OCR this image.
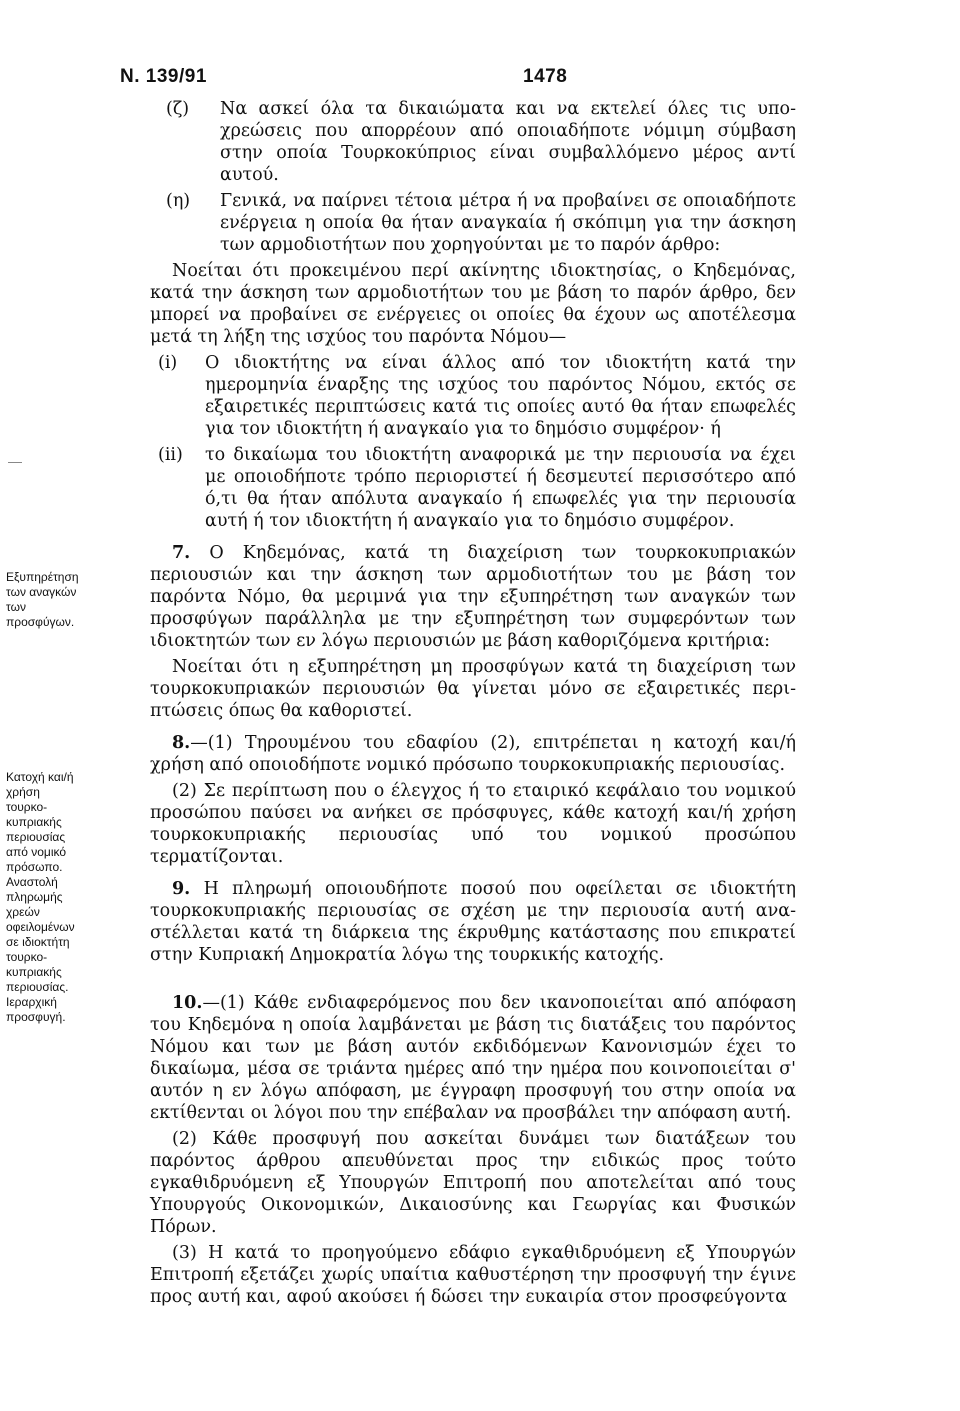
N. 139/91	1478
Εξυπηρέτηση
των αναγκών
των
προσφύγων.
Κατοχή και/ή
χρήση
τουρκο-
κυπριακής
περιουσίας
από νομικό
πρόσωπο.
Αναστολή
πληρωμής
χρεών
οφειλομένων
σε ιδιοκτήτη
τουρκο-
κυπριακής
περιουσίας.
Ιεραρχική
προσφυγή.
(ζ) Να ασκεί όλα τα δικαιώματα και να εκτελεί όλες τις υπο-χρεώσεις που απορρέουν από οποιαδήποτε νόμιμη σύμβαση στην οποία Τουρκοκύπριος είναι συμβαλλόμενο μέρος αντί αυτού.

(η) Γενικά, να παίρνει τέτοια μέτρα ή να προβαίνει σε οποιαδήποτε ενέργεια η οποία θα ήταν αναγκαία ή σκόπιμη για την άσκηση των αρμοδιοτήτων που χορηγούνται με το παρόν άρθρο:

Νοείται ότι προκειμένου περί ακίνητης ιδιοκτησίας, ο Κηδεμόνας, κατά την άσκηση των αρμοδιοτήτων του με βάση το παρόν άρθρο, δεν μπορεί να προβαίνει σε ενέργειες οι οποίες θα έχουν ως αποτέλεσμα μετά τη λήξη της ισχύος του παρόντα Νόμου—

(i) Ο ιδιοκτήτης να είναι άλλος από τον ιδιοκτήτη κατά την ημερομηνία έναρξης της ισχύος του παρόντος Νόμου, εκτός σε εξαιρετικές περιπτώσεις κατά τις οποίες αυτό θα ήταν επωφελές για τον ιδιοκτήτη ή αναγκαίο για το δημόσιο συμφέρον· ή

(ii) το δικαίωμα του ιδιοκτήτη αναφορικά με την περιουσία να έχει με οποιοδήποτε τρόπο περιοριστεί ή δεσμευτεί περισσότερο από ό,τι θα ήταν απόλυτα αναγκαίο ή επωφελές για την περιουσία αυτή ή τον ιδιοκτήτη ή αναγκαίο για το δημόσιο συμφέρον.

7. Ο Κηδεμόνας, κατά τη διαχείριση των τουρκοκυπριακών περιουσιών και την άσκηση των αρμοδιοτήτων του με βάση τον παρόντα Νόμο, θα μεριμνά για την εξυπηρέτηση των αναγκών των προσφύγων παράλληλα με την εξυπηρέτηση των συμφερόντων των ιδιοκτητών των εν λόγω περιουσιών με βάση καθοριζόμενα κριτήρια:

Νοείται ότι η εξυπηρέτηση μη προσφύγων κατά τη διαχείριση των τουρκοκυπριακών περιουσιών θα γίνεται μόνο σε εξαιρετικές περι-πτώσεις όπως θα καθοριστεί.

8.—(1) Τηρουμένου του εδαφίου (2), επιτρέπεται η κατοχή και/ή χρήση από οποιοδήποτε νομικό πρόσωπο τουρκοκυπριακής περιουσίας.

(2) Σε περίπτωση που ο έλεγχος ή το εταιρικό κεφάλαιο του νομικού προσώπου παύσει να ανήκει σε πρόσφυγες, κάθε κατοχή και/ή χρήση τουρκοκυπριακής περιουσίας υπό του νομικού προσώπου τερματίζονται.

9. Η πληρωμή οποιουδήποτε ποσού που οφείλεται σε ιδιοκτήτη τουρκοκυπριακής περιουσίας σε σχέση με την περιουσία αυτή ανα-στέλλεται κατά τη διάρκεια της έκρυθμης κατάστασης που επικρατεί στην Κυπριακή Δημοκρατία λόγω της τουρκικής κατοχής.

10.—(1) Κάθε ενδιαφερόμενος που δεν ικανοποιείται από απόφαση του Κηδεμόνα η οποία λαμβάνεται με βάση τις διατάξεις του παρόντος Νόμου και των με βάση αυτόν εκδιδόμενων Κανονισμών έχει το δικαίωμα, μέσα σε τριάντα ημέρες από την ημέρα που κοινοποιείται σ' αυτόν η εν λόγω απόφαση, με έγγραφη προσφυγή του στην οποία να εκτίθενται οι λόγοι που την επέβαλαν να προσβάλει την απόφαση αυτή.

(2) Κάθε προσφυγή που ασκείται δυνάμει των διατάξεων του παρόντος άρθρου απευθύνεται προς την ειδικώς προς τούτο εγκαθιδρυόμενη εξ Υπουργών Επιτροπή που αποτελείται από τους Υπουργούς Οικονομικών, Δικαιοσύνης και Γεωργίας και Φυσικών Πόρων.

(3) Η κατά το προηγούμενο εδάφιο εγκαθιδρυόμενη εξ Υπουργών Επιτροπή εξετάζει χωρίς υπαίτια καθυστέρηση την προσφυγή την έγινε προς αυτή και, αφού ακούσει ή δώσει την ευκαιρία στον προσφεύγοντα
